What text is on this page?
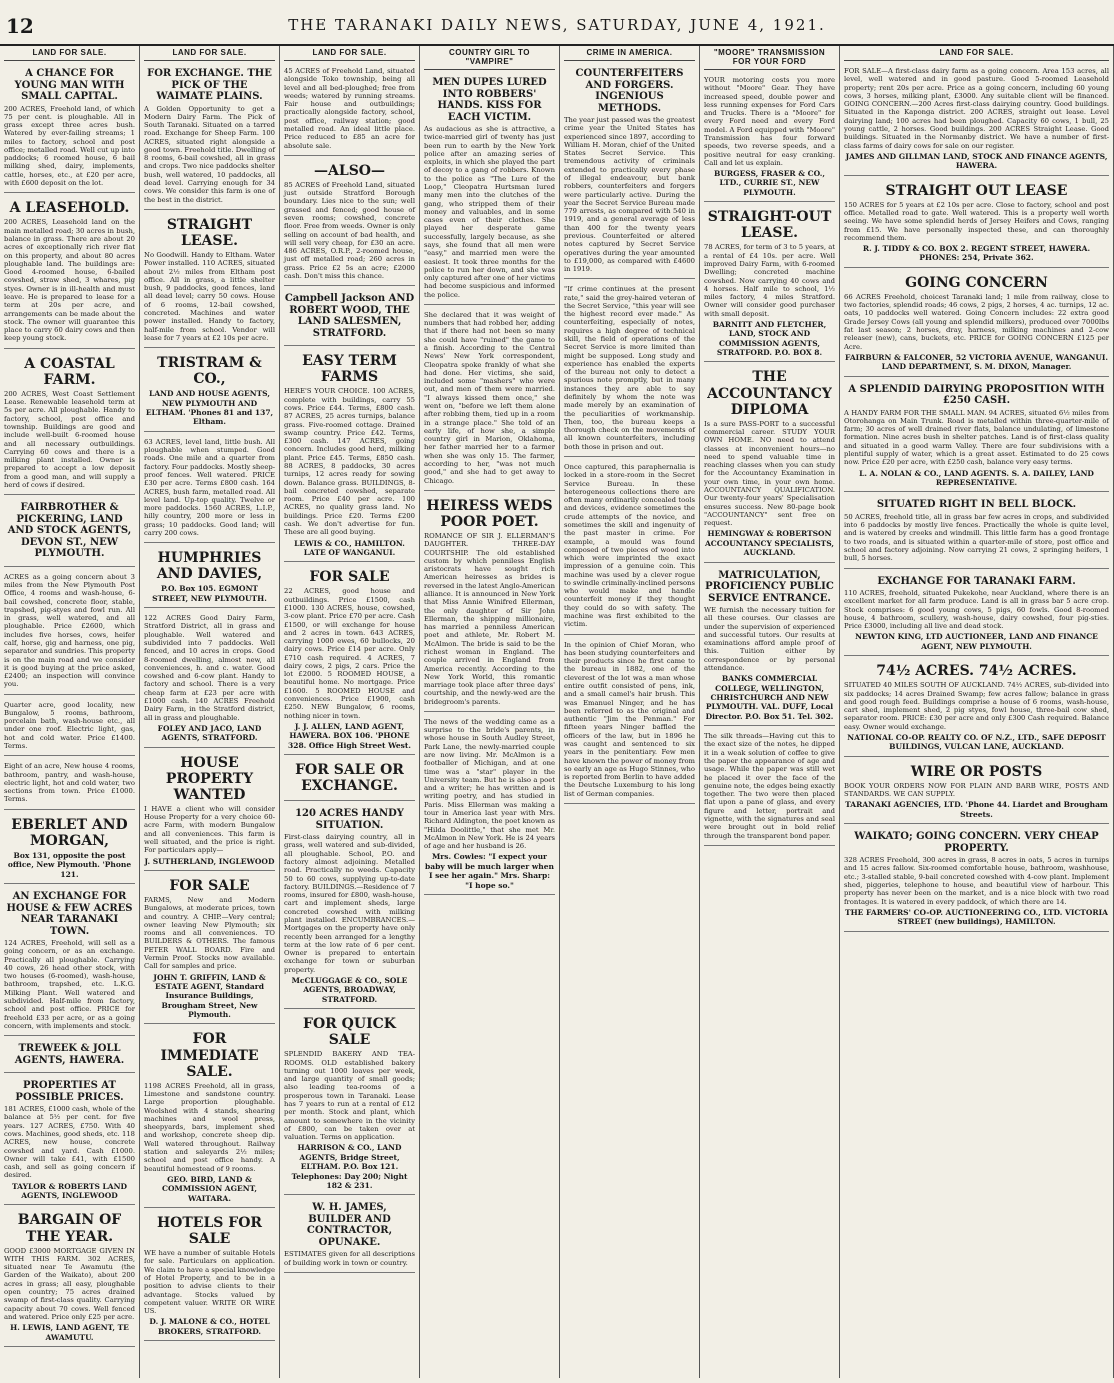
12	THE TARANAKI DAILY NEWS, SATURDAY, JUNE 4, 1921.
LAND FOR SALE.
A CHANCE FOR YOUNG MAN WITH SMALL CAPITAL.
200 ACRES, Freehold land, of which 75 per cent. is ploughable. All in grass except three acres bush. Watered by ever-failing streams; 1 miles to factory, school and post office; metalled road. Well cut up into paddocks; 6 roomed house, 6 bail milking shed, dairy, implements, cattle, horses, etc., at £20 per acre, with £600 deposit on the lot.
A LEASEHOLD.
200 ACRES, Leasehold land on the main metalled road; 30 acres in bush, balance in grass. There are about 20 acres of exceptionally rich river flat on this property, and about 80 acres ploughable land. The buildings are: Good 4-roomed house, 6-bailed cowshed, straw shed, 3 whares, pig styes. Owner is in ill-health and must leave. He is prepared to lease for a term at 20s per acre, and arrangements can be made about the stock. The owner will guarantee this place to carry 60 dairy cows and then keep young stock.
A COASTAL FARM.
200 ACRES, West Coast Settlement Lease. Renewable leasehold term at 5s per acre. All ploughable. Handy to factory, school, post office and township. Buildings are good and include well-built 6-roomed house and all necessary outbuildings. Carrying 60 cows and there is a milking plant installed. Owner is prepared to accept a low deposit from a good man, and will supply a herd of cows if desired.
FAIRBROTHER & PICKERING, LAND AND STOCK AGENTS, DEVON ST., NEW PLYMOUTH.
ACRES as a going concern about 3 miles from the New Plymouth Post Office, 4 rooms and wash-house, 6-bail cowshed, concrete floor, stable, trapshed, pig-styes and fowl run. All in grass, well watered, and all ploughable. Price £2600, which includes five horses, cows, heifer calf, horse, gig and harness, one pig, separator and sundries. This property is on the main road and we consider it is good buying at the price asked, £2400; an inspection will convince you.
Quarter acre, good locality, new Bungalow, 5 rooms, bathroom, porcelain bath, wash-house etc., all under one roof. Electric light, gas, hot and cold water. Price £1400. Terms.
Eight of an acre, New house 4 rooms, bathroom, pantry, and wash-house, electric light, hot and cold water, two sections from town. Price £1000. Terms.
EBERLET AND MORGAN,
Box 131, opposite the post office, New Plymouth. 'Phone 121.
AN EXCHANGE FOR HOUSE & FEW ACRES NEAR TARANAKI TOWN.
124 ACRES, Freehold, will sell as a going concern, or as an exchange. Practically all ploughable. Carrying 40 cows, 26 head other stock, with two houses (6-roomed), wash-house, bathroom, trapshed, etc. L.K.G. Milking Plant. Well watered and subdivided. Half-mile from factory, school and post office. PRICE for freehold £33 per acre, or as a going concern, with implements and stock.
TREWEEK & JOLL AGENTS, HAWERA.
PROPERTIES AT POSSIBLE PRICES.
181 ACRES, £1000 cash, whole of the balance at 5½ per cent. for five years. 127 ACRES, £750. With 40 cows. Machines, good sheds, etc. 118 ACRES, new house, concrete cowshed and yard. Cash £1000. Owner will take £41, with £1500 cash, and sell as going concern if desired.
TAYLOR & ROBERTS LAND AGENTS, INGLEWOOD
BARGAIN OF THE YEAR.
GOOD £3000 MORTGAGE GIVEN IN WITH THIS FARM. 302 ACRES, situated near Te Awamutu (the Garden of the Waikato), about 200 acres in grass; all easy, ploughable open country; 75 acres drained swamp of first-class quality. Carrying capacity about 70 cows. Well fenced and watered. Price only £25 per acre.
H. LEWIS, LAND AGENT, TE AWAMUTU.
LAND FOR SALE.
FOR EXCHANGE. THE PICK OF THE WAIMATE PLAINS.
A Golden Opportunity to get a Modern Dairy Farm. The Pick of South Taranaki. Situated on a tarred road. Exchange for Sheep Farm. 100 ACRES, situated right alongside a good town. Freehold title. Dwelling of 8 rooms, 6-bail cowshed, all in grass and crops. Two nice paddocks shelter bush, well watered, 10 paddocks, all dead level. Carrying enough for 34 cows. We consider this farm is one of the best in the district.
STRAIGHT LEASE.
No Goodwill. Handy to Eltham. Water Power installed. 110 ACRES, situated about 2½ miles from Eltham post office. All in grass, a little shelter bush, 9 paddocks, good fences, land all dead level; carry 50 cows. House of 6 rooms, 12-bail cowshed, concreted. Machines and water power installed. Handy to factory, half-mile from school. Vendor will lease for 7 years at £2 10s per acre.
TRISTRAM & CO.,
LAND AND HOUSE AGENTS, NEW PLYMOUTH AND ELTHAM. 'Phones 81 and 137, Eltham.
63 ACRES, level land, little bush. All ploughable when stumped. Good roads. One mile and a quarter from factory. Four paddocks. Mostly sheep-proof fences. Well watered. PRICE £30 per acre. Terms £800 cash. 164 ACRES, bush farm, metalled road. All level land. Up-top quality. Twelve or more paddocks. 1560 ACRES, L.I.P., hilly country, 200 more or less in grass; 10 paddocks. Good land; will carry 200 cows.
HUMPHRIES AND DAVIES,
P.O. Box 105. EGMONT STREET, NEW PLYMOUTH.
122 ACRES Good Dairy Farm, Stratford District, all in grass and ploughable. Well watered and subdivided into 7 paddocks. Well fenced, and 10 acres in crops. Good 8-roomed dwelling, almost new, all conveniences, h. and c. water. Good cowshed and 6-cow plant. Handy to factory and school. There is a very cheap farm at £23 per acre with £1000 cash. 140 ACRES Freehold Dairy Farm, in the Stratford district, all in grass and ploughable.
FOLEY AND JACO, LAND AGENTS, STRATFORD.
HOUSE PROPERTY WANTED
I HAVE a client who will consider House Property for a very choice 60-acre Farm, with modern Bungalow and all conveniences. This farm is well situated, and the price is right. For particulars apply—
J. SUTHERLAND, INGLEWOOD
FOR SALE
FARMS, New and Modern Bungalows, at moderate prices, town and country. A CHIP.—Very central; owner leaving New Plymouth; six rooms and all conveniences. TO BUILDERS & OTHERS. The famous PETER WALL BOARD. Fire and Vermin Proof. Stocks now available. Call for samples and price.
JOHN T. GRIFFIN, LAND & ESTATE AGENT, Standard Insurance Buildings, Brougham Street, New Plymouth.
FOR IMMEDIATE SALE.
1198 ACRES Freehold, all in grass, Limestone and sandstone country. Large proportion ploughable. Woolshed with 4 stands, shearing machines and wool press, sheepyards, bars, implement shed and workshop, concrete sheep dip. Well watered throughout. Railway station and saleyards 2½ miles; school and post office handy. A beautiful homestead of 9 rooms.
GEO. BIRD, LAND & COMMISSION AGENT, WAITARA.
HOTELS FOR SALE
WE have a number of suitable Hotels for sale. Particulars on application. We claim to have a special knowledge of Hotel Property, and to be in a position to advise clients to their advantage. Stocks valued by competent valuer. WRITE OR WIRE US.
D. J. MALONE & CO., HOTEL BROKERS, STRATFORD.
LAND FOR SALE.
45 ACRES of Freehold Land, situated alongside Toko township, being all level and all bed-ploughed; free from weeds; watered by running streams. Fair house and outbuildings; practically alongside factory, school, post office, railway station; good metalled road. An ideal little place. Price reduced to £85 an acre for absolute sale.
—ALSO—
85 ACRES of Freehold Land, situated just outside Stratford Borough boundary. Lies nice to the sun; well grassed and fenced; good house of seven rooms; cowshed, concrete floor. Free from weeds. Owner is only selling on account of bad health, and will sell very cheap, for £30 an acre. 486 ACRES, O.R.P., 2-roomed house, just off metalled road; 260 acres in grass. Price £2 5s an acre; £2000 cash. Don't miss this chance.
Campbell Jackson AND ROBERT WOOD, THE LAND SALESMEN, STRATFORD.
EASY TERM FARMS
HERE'S YOUR CHOICE. 100 ACRES, complete with buildings, carry 55 cows. Price £44. Terms, £800 cash. 87 ACRES, 25 acres turnips, balance grass. Five-roomed cottage. Drained swamp country. Price £42. Terms, £300 cash. 147 ACRES, going concern. Includes good herd, milking plant. Price £45. Terms, £850 cash. 88 ACRES, 8 paddocks, 30 acres turnips, 12 acres ready for sowing down. Balance grass. BUILDINGS, 8-bail concreted cowshed, separate room. Price £40 per acre. 100 ACRES, no quality grass land. No buildings. Price £20. Terms £200 cash. We don't advertise for fun. These are all good buying.
LEWIS & CO., HAMILTON. LATE OF WANGANUI.
FOR SALE
22 ACRES, good house and outbuildings. Price £1500, cash £1000. 130 ACRES, house, cowshed, 3-cow plant. Price £70 per acre. Cash £1500, or will exchange for house and 2 acres in town. 643 ACRES, carrying 1000 ewes, 60 bullocks, 20 dairy cows. Price £14 per acre. Only £710 cash required. 4 ACRES, 7 dairy cows, 2 pigs, 2 cars. Price the lot £2000. 5 ROOMED HOUSE, a beautiful home. No mortgage. Price £1600. 5 ROOMED HOUSE and conveniences. Price £1900, cash £250. NEW Bungalow, 6 rooms, nothing nicer in town.
J. J. ALLEN, LAND AGENT, HAWERA. BOX 106. 'PHONE 328. Office High Street West.
FOR SALE OR EXCHANGE.
120 ACRES HANDY SITUATION.
First-class dairying country, all in grass, well watered and sub-divided, all ploughable. School, P.O. and factory almost adjoining. Metalled road. Practically no weeds. Capacity 50 to 60 cows, supplying up-to-date factory. BUILDINGS.—Residence of 7 rooms, insured for £800, wash-house, cart and implement sheds, large concreted cowshed with milking plant installed. ENCUMBRANCES.—Mortgages on the property have only recently been arranged for a lengthy term at the low rate of 6 per cent. Owner is prepared to entertain exchange for town or suburban property.
McCLUGGAGE & CO., SOLE AGENTS, BROADWAY, STRATFORD.
FOR QUICK SALE
SPLENDID BAKERY AND TEA-ROOMS. OLD established bakery turning out 1000 loaves per week, and large quantity of small goods; also leading tea-rooms of a prosperous town in Taranaki. Lease has 7 years to run at a rental of £12 per month. Stock and plant, which amount to somewhere in the vicinity of £800, can be taken over at valuation. Terms on application.
HARRISON & CO., LAND AGENTS, Bridge Street, ELTHAM. P.O. Box 121. Telephones: Day 200; Night 182 & 231.
W. H. JAMES, BUILDER AND CONTRACTOR, OPUNAKE.
ESTIMATES given for all descriptions of building work in town or country.
COUNTRY GIRL TO "VAMPIRE"
MEN DUPES LURED INTO ROBBERS' HANDS. KISS FOR EACH VICTIM.
As audacious as she is attractive, a twice-married girl of twenty has just been run to earth by the New York police after an amazing series of exploits, in which she played the part of decoy to a gang of robbers. Known to the police as "The Lure of the Loop," Cleopatra Hurtsman lured many men into the clutches of the gang, who stripped them of their money and valuables, and in some cases even of their clothes. She played her desperate game successfully, largely because, as she says, she found that all men were "easy," and married men were the easiest. It took three months for the police to run her down, and she was only captured after one of her victims had become suspicious and informed the police.
She declared that it was weight of numbers that had robbed her, adding that if there had not been so many she could have "ruined" the game to a finish. According to the Central News' New York correspondent, Cleopatra spoke frankly of what she had done. Her victims, she said, included some "mashers" who were out, and men of them were married. "I always kissed them once," she went on, "before we left them alone after robbing them, tied up in a room in a strange place." She told of an early life, of how she, a simple country girl in Marion, Oklahoma, her father married her to a farmer when she was only 15. The farmer, according to her, "was not much good," and she had to get away to Chicago.
HEIRESS WEDS POOR POET.
ROMANCE OF SIR J. ELLERMAN'S DAUGHTER. THREE-DAY COURTSHIP. The old established custom by which penniless English aristocrats have sought rich American heiresses as brides is reversed in the latest Anglo-American alliance. It is announced in New York that Miss Annie Winifred Ellerman, the only daughter of Sir John Ellerman, the shipping millionaire, has married a penniless American poet and athlete, Mr. Robert M. McAlmon. The bride is said to be the richest woman in England. The couple arrived in England from America recently. According to the New York World, this romantic marriage took place after three days' courtship, and the newly-wed are the bridegroom's parents.
The news of the wedding came as a surprise to the bride's parents, in whose house in South Audley Street, Park Lane, the newly-married couple are now living. Mr. McAlmon is a footballer of Michigan, and at one time was a "star" player in the University team. But he is also a poet and a writer; he has written and is writing poetry, and has studied in Paris. Miss Ellerman was making a tour in America last year with Mrs. Richard Aldington, the poet known as "Hilda Doolittle," that she met Mr. McAlmon in New York. He is 24 years of age and her husband is 26.
Mrs. Cowles: "I expect your baby will be much larger when I see her again." Mrs. Sharp: "I hope so."
CRIME IN AMERICA.
COUNTERFEITERS AND FORGERS. INGENIOUS METHODS.
The year just passed was the greatest crime year the United States has experienced since 1897, according to William H. Moran, chief of the United States Secret Service. This tremendous activity of criminals extended to practically every phase of illegal endeavour, but bank robbers, counterfeiters and forgers were particularly active. During the year the Secret Service Bureau made 779 arrests, as compared with 540 in 1919, and a general average of less than 400 for the twenty years previous. Counterfeited or altered notes captured by Secret Service operatives during the year amounted to £19,000, as compared with £4600 in 1919.
"If crime continues at the present rate," said the grey-haired veteran of the Secret Service, "this year will see the highest record ever made." As counterfeiting, especially of notes, requires a high degree of technical skill, the field of operations of the Secret Service is more limited than might be supposed. Long study and experience has enabled the experts of the bureau not only to detect a spurious note promptly, but in many instances they are able to say definitely by whom the note was made merely by an examination of the peculiarities of workmanship. Then, too, the bureau keeps a thorough check on the movements of all known counterfeiters, including both those in prison and out.
Once captured, this paraphernalia is locked in a store-room in the Secret Service Bureau. In these heterogeneous collections there are often many ordinarily concealed tools and devices, evidence sometimes the crude attempts of the novice, and sometimes the skill and ingenuity of the past master in crime. For example, a mould was found composed of two pieces of wood into which were imprinted the exact impression of a genuine coin. This machine was used by a clever rogue to swindle criminally-inclined persons who would make and handle counterfeit money if they thought they could do so with safety. The machine was first exhibited to the victim.
In the opinion of Chief Moran, who has been studying counterfeiters and their products since he first came to the bureau in 1882, one of the cleverest of the lot was a man whose entire outfit consisted of pens, ink, and a small camel's hair brush. This was Emanuel Ninger, and he has been referred to as the original and authentic "Jim the Penman." For fifteen years Ninger baffled the officers of the law, but in 1896 he was caught and sentenced to six years in the penitentiary. Few men have known the power of money from so early an age as Hugo Stinnes, who is reported from Berlin to have added the Deutsche Luxemburg to his long list of German companies.
"MOORE" TRANSMISSION FOR YOUR FORD
YOUR motoring costs you more without "Moore" Gear. They have increased speed, double power and less running expenses for Ford Cars and Trucks. There is a "Moore" for every Ford need and every Ford model. A Ford equipped with "Moore" Transmission has four forward speeds, two reverse speeds, and a positive neutral for easy cranking. Call and let us explain.
BURGESS, FRASER & CO., LTD., CURRIE ST., NEW PLYMOUTH.
STRAIGHT-OUT LEASE.
78 ACRES, for term of 3 to 5 years, at a rental of £4 10s. per acre. Well improved Dairy Farm, with 6-roomed Dwelling; concreted machine cowshed. Now carrying 40 cows and 4 horses. Half mile to school, 1½ miles factory, 4 miles Stratford. Owner will consider good purchaser with small deposit.
BARNITT AND FLETCHER, LAND, STOCK AND COMMISSION AGENTS, STRATFORD. P.O. BOX 8.
THE ACCOUNTANCY DIPLOMA
Is a sure PASS-PORT to a successful commercial career. STUDY YOUR OWN HOME. NO need to attend classes at inconvenient hours—no need to spend valuable time in reaching classes when you can study for the Accountancy Examination in your own time, in your own home. ACCOUNTANCY QUALIFICATION. Our twenty-four years' Specialisation ensures success. New 80-page book "ACCOUNTANCY" sent free on request.
HEMINGWAY & ROBERTSON ACCOUNTANCY SPECIALISTS, AUCKLAND.
MATRICULATION, PROFICIENCY PUBLIC SERVICE ENTRANCE.
WE furnish the necessary tuition for all these courses. Our classes are under the supervision of experienced and successful tutors. Our results at examinations afford ample proof of this. Tuition either by correspondence or by personal attendance.
BANKS COMMERCIAL COLLEGE, WELLINGTON, CHRISTCHURCH AND NEW PLYMOUTH. VAL. DUFF, Local Director. P.O. Box 51. Tel. 302.
The silk threads—Having cut this to the exact size of the notes, he dipped it in a weak solution of coffee to give the paper the appearance of age and usage. While the paper was still wet he placed it over the face of the genuine note, the edges being exactly together. The two were then placed flat upon a pane of glass, and every figure and letter, portrait and vignette, with the signatures and seal were brought out in bold relief through the transparent bond paper.
LAND FOR SALE.
FOR SALE—A first-class dairy farm as a going concern. Area 153 acres, all level, well watered and in good pasture. Good 5-roomed Leasehold property; rent 20s per acre. Price as a going concern, including 60 young cows, 3 horses, milking plant, £3000. Any suitable client will be financed. GOING CONCERN.—200 Acres first-class dairying country. Good buildings. Situated in the Kaponga district. 200 ACRES, straight out lease. Level dairying land; 100 acres had been ploughed. Capacity 60 cows, 1 bull, 25 young cattle, 2 horses. Good buildings. 200 ACRES Straight Lease. Good buildings. Situated in the Normanby district. We have a number of first-class farms of dairy cows for sale on our register.
JAMES AND GILLMAN LAND, STOCK AND FINANCE AGENTS, HAWERA.
STRAIGHT OUT LEASE
150 ACRES for 5 years at £2 10s per acre. Close to factory, school and post office. Metalled road to gate. Well watered. This is a property well worth seeing. We have some splendid herds of Jersey Heifers and Cows, ranging from £15. We have personally inspected these, and can thoroughly recommend them.
R. J. TIDDY & CO. BOX 2. REGENT STREET, HAWERA. PHONES: 254, Private 362.
GOING CONCERN
66 ACRES Freehold, choicest Taranaki land; 1 mile from railway, close to two factories, splendid roads; 46 cows, 2 pigs, 2 horses, 4 ac. turnips, 12 ac. oats, 10 paddocks well watered. Going Concern includes: 22 extra good Grade Jersey Cows (all young and splendid milkers), produced over 7000lbs fat last season; 2 horses, dray, harness, milking machines and 2-cow releaser (new), cans, buckets, etc. PRICE for GOING CONCERN £125 per Acre.
FAIRBURN & FALCONER, 52 VICTORIA AVENUE, WANGANUI. LAND DEPARTMENT, S. M. DIXON, Manager.
A SPLENDID DAIRYING PROPOSITION WITH £250 CASH.
A HANDY FARM FOR THE SMALL MAN. 94 ACRES, situated 6½ miles from Otorohanga on Main Trunk. Road is metalled within three-quarter-mile of farm; 30 acres of well drained river flats, balance undulating, of limestone formation. Nine acres bush in shelter patches. Land is of first-class quality and situated in a good warm Valley. There are four subdivisions with a plentiful supply of water, which is a great asset. Estimated to do 25 cows now. Price £20 per acre, with £250 cash, balance very easy terms.
L. A. NOLAN & CO., LAND AGENTS. S. A. DAILEY, LAND REPRESENTATIVE.
SITUATED RIGHT IN BELL BLOCK.
50 ACRES, freehold title, all in grass bar few acres in crops, and subdivided into 6 paddocks by mostly live fences. Practically the whole is quite level, and is watered by creeks and windmill. This little farm has a good frontage to two roads, and is situated within a quarter-mile of store, post office and school and factory adjoining. Now carrying 21 cows, 2 springing heifers, 1 bull, 5 horses.
EXCHANGE FOR TARANAKI FARM.
110 ACRES, freehold, situated Pukekohe, near Auckland, where there is an excellent market for all farm produce. Land is all in grass bar 5 acre crop. Stock comprises: 6 good young cows, 5 pigs, 60 fowls. Good 8-roomed house, 4 bathroom, scullery, wash-house, dairy cowshed, four pig-sties. Price £3000, including all live and dead stock.
NEWTON KING, LTD AUCTIONEER, LAND AND FINANCE AGENT, NEW PLYMOUTH.
74½ ACRES. 74½ ACRES.
SITUATED 40 MILES SOUTH OF AUCKLAND. 74½ ACRES, sub-divided into six paddocks; 14 acres Drained Swamp; few acres fallow; balance in grass and good rough feed. Buildings comprise a house of 6 rooms, wash-house, cart shed, implement shed, 2 pig styes, fowl house, three-bail cow shed, separator room. PRICE: £30 per acre and only £300 Cash required. Balance easy. Owner would exchange.
NATIONAL CO-OP. REALTY CO. OF N.Z., LTD., SAFE DEPOSIT BUILDINGS, VULCAN LANE, AUCKLAND.
WIRE OR POSTS
BOOK YOUR ORDERS NOW FOR PLAIN AND BARB WIRE, POSTS AND STANDARDS. WE CAN SUPPLY.
TARANAKI AGENCIES, LTD. 'Phone 44. Liardet and Brougham Streets.
WAIKATO; GOING CONCERN. VERY CHEAP PROPERTY.
328 ACRES Freehold, 300 acres in grass, 8 acres in oats, 5 acres in turnips and 15 acres fallow. Six-roomed comfortable house, bathroom, washhouse, etc.; 3-stalled stable, 9-bail concreted cowshed with 4-cow plant. Implement shed, piggeries, telephone to house, and beautiful view of harbour. This property has never been on the market, and is a nice block with two road frontages. It is watered in every paddock, of which there are 14.
THE FARMERS' CO-OP. AUCTIONEERING CO., LTD. VICTORIA STREET (new buildings), HAMILTON.
